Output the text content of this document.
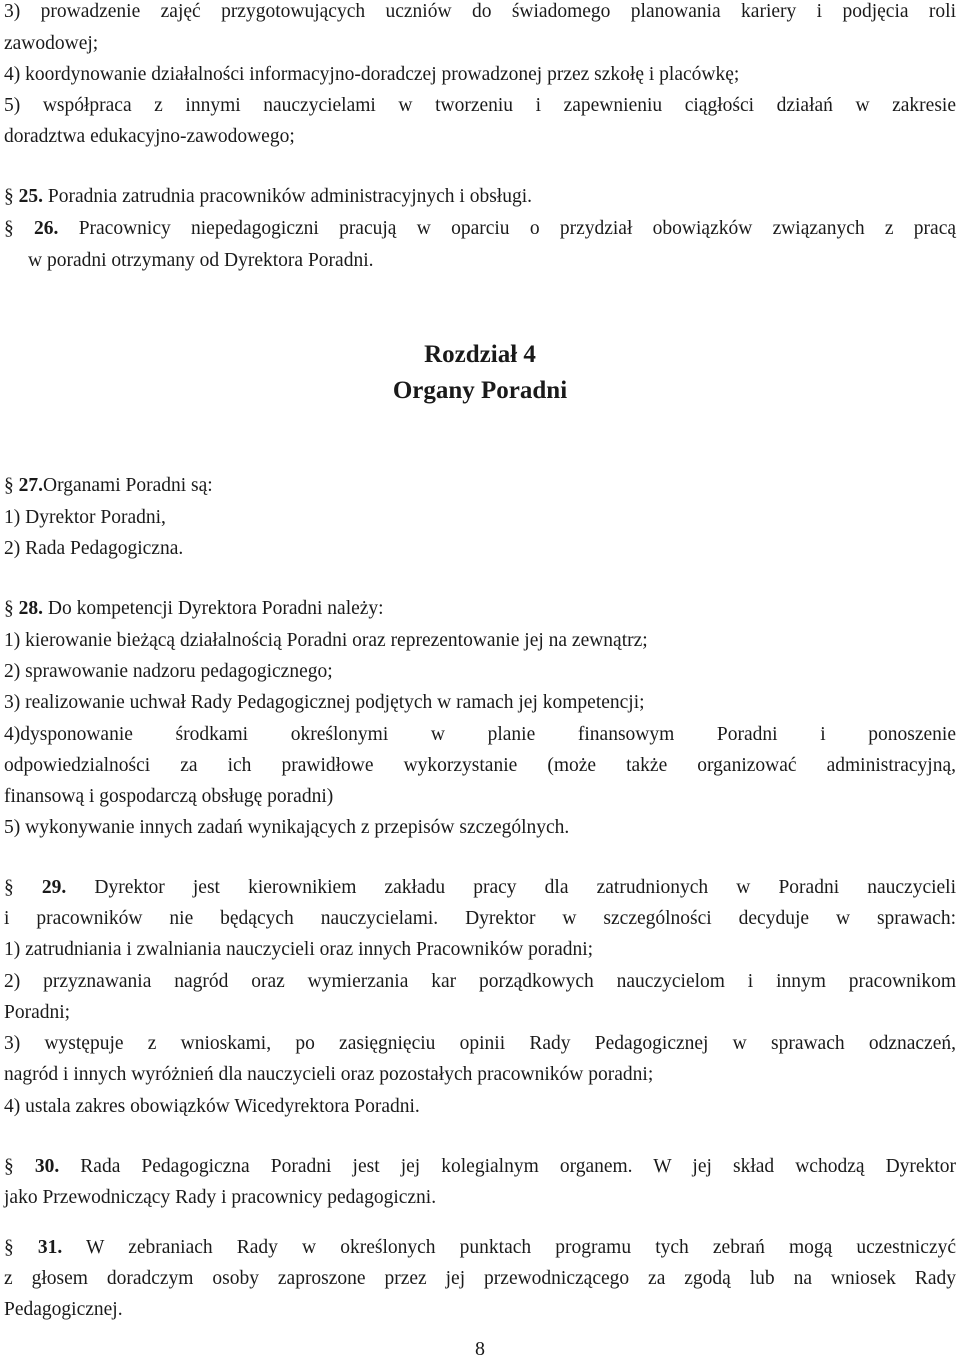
3) prowadzenie zajęć przygotowujących uczniów do świadomego planowania kariery i podjęcia roli
zawodowej;
4) koordynowanie działalności informacyjno-doradczej prowadzonej przez szkołę i placówkę;
5) współpraca z innymi nauczycielami w tworzeniu i zapewnieniu ciągłości działań w zakresie
doradztwa edukacyjno-zawodowego;
§ 25. Poradnia zatrudnia pracowników administracyjnych i obsługi.
§ 26. Pracownicy niepedagogiczni pracują w oparciu o przydział obowiązków związanych z pracą
w poradni otrzymany od Dyrektora Poradni.
Rozdział 4
Organy Poradni
§ 27.Organami Poradni są:
1) Dyrektor Poradni,
2) Rada Pedagogiczna.
§ 28. Do kompetencji Dyrektora Poradni należy:
1) kierowanie bieżącą działalnością Poradni oraz reprezentowanie jej na zewnątrz;
2) sprawowanie nadzoru pedagogicznego;
3) realizowanie uchwał Rady Pedagogicznej podjętych w ramach jej kompetencji;
4)dysponowanie środkami określonymi w planie finansowym Poradni i ponoszenie
odpowiedzialności za ich prawidłowe wykorzystanie (może także organizować administracyjną,
finansową i gospodarczą obsługę poradni)
5) wykonywanie innych zadań wynikających z przepisów szczególnych.
§ 29. Dyrektor jest kierownikiem zakładu pracy dla zatrudnionych w Poradni nauczycieli
i pracowników nie będących nauczycielami. Dyrektor w szczególności decyduje w sprawach:
1) zatrudniania i zwalniania nauczycieli oraz innych Pracowników poradni;
2) przyznawania nagród oraz wymierzania kar porządkowych nauczycielom i innym pracownikom
Poradni;
3) występuje z wnioskami, po zasięgnięciu opinii Rady Pedagogicznej w sprawach odznaczeń,
nagród i innych wyróżnień dla nauczycieli oraz pozostałych pracowników poradni;
4) ustala zakres obowiązków Wicedyrektora Poradni.
§ 30. Rada Pedagogiczna Poradni jest jej kolegialnym organem. W jej skład wchodzą Dyrektor
jako Przewodniczący Rady i pracownicy pedagogiczni.
§ 31. W zebraniach Rady w określonych punktach programu tych zebrań mogą uczestniczyć
z głosem doradczym osoby zaproszone przez jej przewodniczącego za zgodą lub na wniosek Rady
Pedagogicznej.
8
